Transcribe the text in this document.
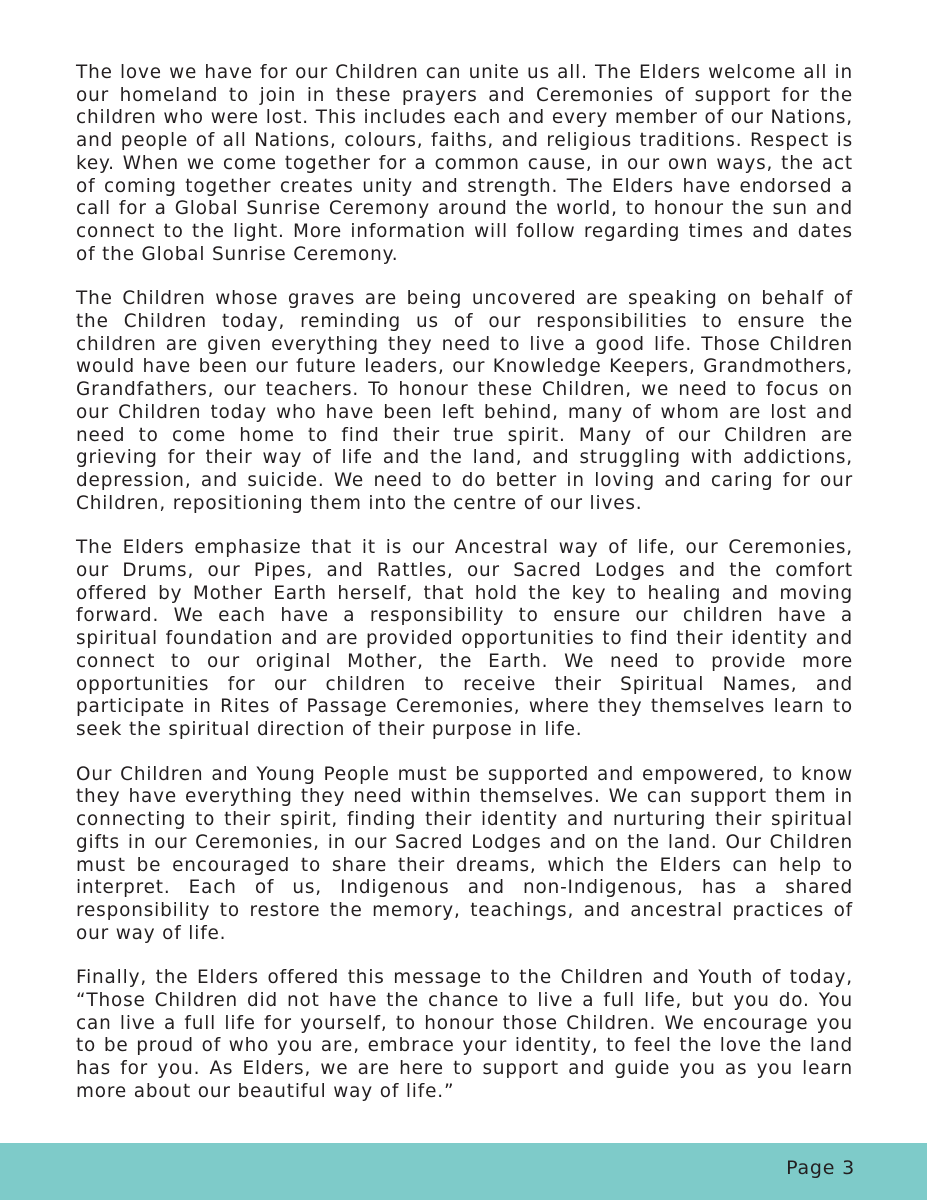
The love we have for our Children can unite us all. The Elders welcome all in our homeland to join in these prayers and Ceremonies of support for the children who were lost. This includes each and every member of our Nations, and people of all Nations, colours, faiths, and religious traditions. Respect is key. When we come together for a common cause, in our own ways, the act of coming together creates unity and strength. The Elders have endorsed a call for a Global Sunrise Ceremony around the world, to honour the sun and connect to the light. More information will follow regarding times and dates of the Global Sunrise Ceremony.

The Children whose graves are being uncovered are speaking on behalf of the Children today, reminding us of our responsibilities to ensure the children are given everything they need to live a good life. Those Children would have been our future leaders, our Knowledge Keepers, Grandmothers, Grandfathers, our teachers. To honour these Children, we need to focus on our Children today who have been left behind, many of whom are lost and need to come home to find their true spirit. Many of our Children are grieving for their way of life and the land, and struggling with addictions, depression, and suicide. We need to do better in loving and caring for our Children, repositioning them into the centre of our lives.

The Elders emphasize that it is our Ancestral way of life, our Ceremonies, our Drums, our Pipes, and Rattles, our Sacred Lodges and the comfort offered by Mother Earth herself, that hold the key to healing and moving forward. We each have a responsibility to ensure our children have a spiritual foundation and are provided opportunities to find their identity and connect to our original Mother, the Earth. We need to provide more opportunities for our children to receive their Spiritual Names, and participate in Rites of Passage Ceremonies, where they themselves learn to seek the spiritual direction of their purpose in life.

Our Children and Young People must be supported and empowered, to know they have everything they need within themselves. We can support them in connecting to their spirit, finding their identity and nurturing their spiritual gifts in our Ceremonies, in our Sacred Lodges and on the land. Our Children must be encouraged to share their dreams, which the Elders can help to interpret. Each of us, Indigenous and non-Indigenous, has a shared responsibility to restore the memory, teachings, and ancestral practices of our way of life.

Finally, the Elders offered this message to the Children and Youth of today, “Those Children did not have the chance to live a full life, but you do. You can live a full life for yourself, to honour those Children. We encourage you to be proud of who you are, embrace your identity, to feel the love the land has for you. As Elders, we are here to support and guide you as you learn more about our beautiful way of life.”

Page 3
